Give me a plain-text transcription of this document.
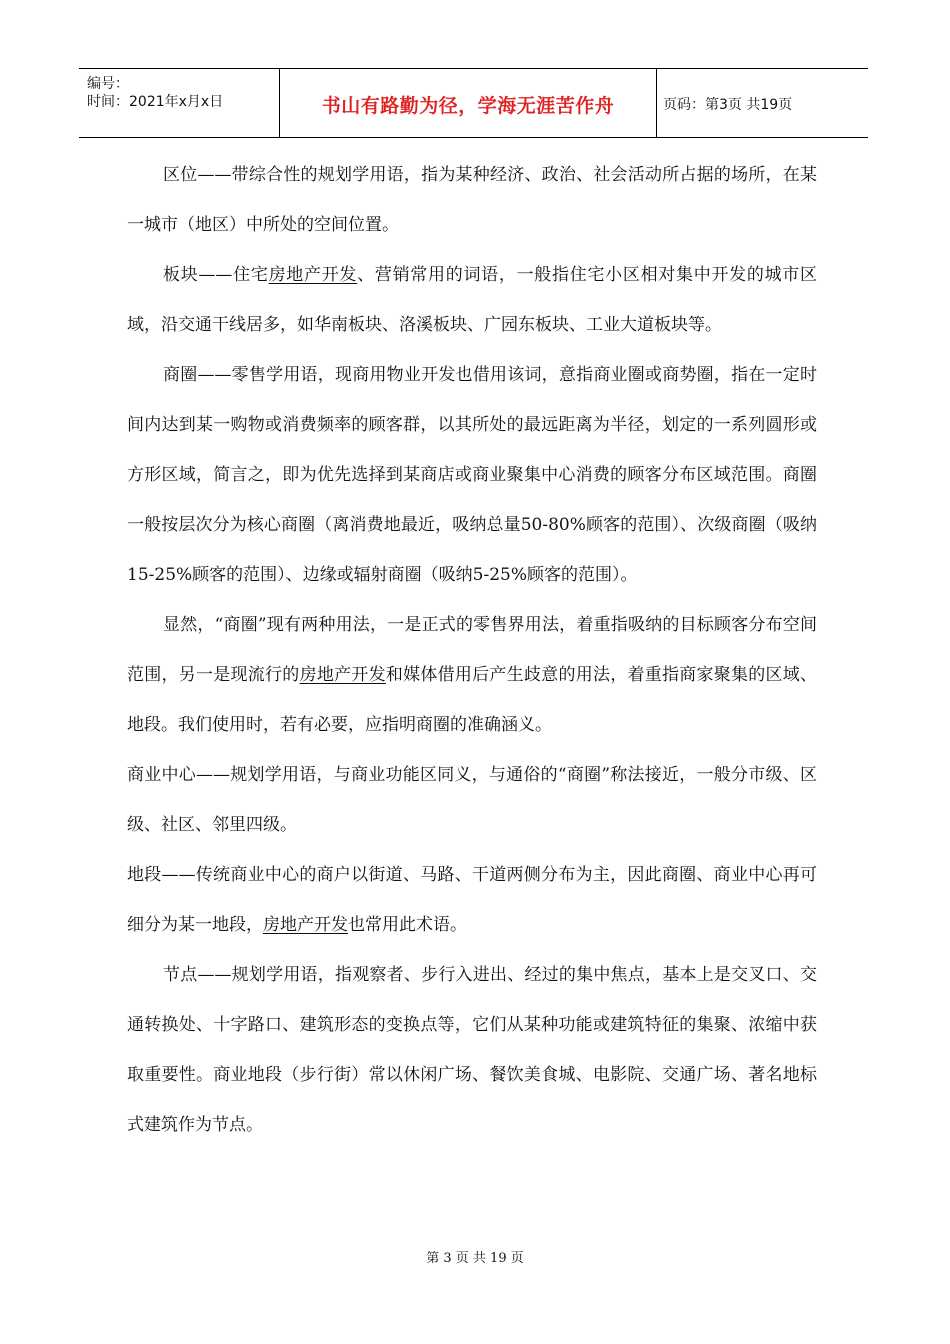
编号：
时间：2021年x月x日	书山有路勤为径，学海无涯苦作舟	页码：第3页 共19页

区位——带综合性的规划学用语，指为某种经济、政治、社会活动所占据的场所，在某一城市（地区）中所处的空间位置。

板块——住宅房地产开发、营销常用的词语，一般指住宅小区相对集中开发的城市区域，沿交通干线居多，如华南板块、洛溪板块、广园东板块、工业大道板块等。

商圈——零售学用语，现商用物业开发也借用该词，意指商业圈或商势圈，指在一定时间内达到某一购物或消费频率的顾客群，以其所处的最远距离为半径，划定的一系列圆形或方形区域，简言之，即为优先选择到某商店或商业聚集中心消费的顾客分布区域范围。商圈一般按层次分为核心商圈（离消费地最近，吸纳总量50-80%顾客的范围）、次级商圈（吸纳15-25%顾客的范围）、边缘或辐射商圈（吸纳5-25%顾客的范围）。

显然，“商圈”现有两种用法，一是正式的零售界用法，着重指吸纳的目标顾客分布空间范围，另一是现流行的房地产开发和媒体借用后产生歧意的用法，着重指商家聚集的区域、地段。我们使用时，若有必要，应指明商圈的准确涵义。

商业中心——规划学用语，与商业功能区同义，与通俗的“商圈”称法接近，一般分市级、区级、社区、邻里四级。

地段——传统商业中心的商户以街道、马路、干道两侧分布为主，因此商圈、商业中心再可细分为某一地段，房地产开发也常用此术语。

节点——规划学用语，指观察者、步行入进出、经过的集中焦点，基本上是交叉口、交通转换处、十字路口、建筑形态的变换点等，它们从某种功能或建筑特征的集聚、浓缩中获取重要性。商业地段（步行街）常以休闲广场、餐饮美食城、电影院、交通广场、著名地标式建筑作为节点。

第 3 页 共 19 页
